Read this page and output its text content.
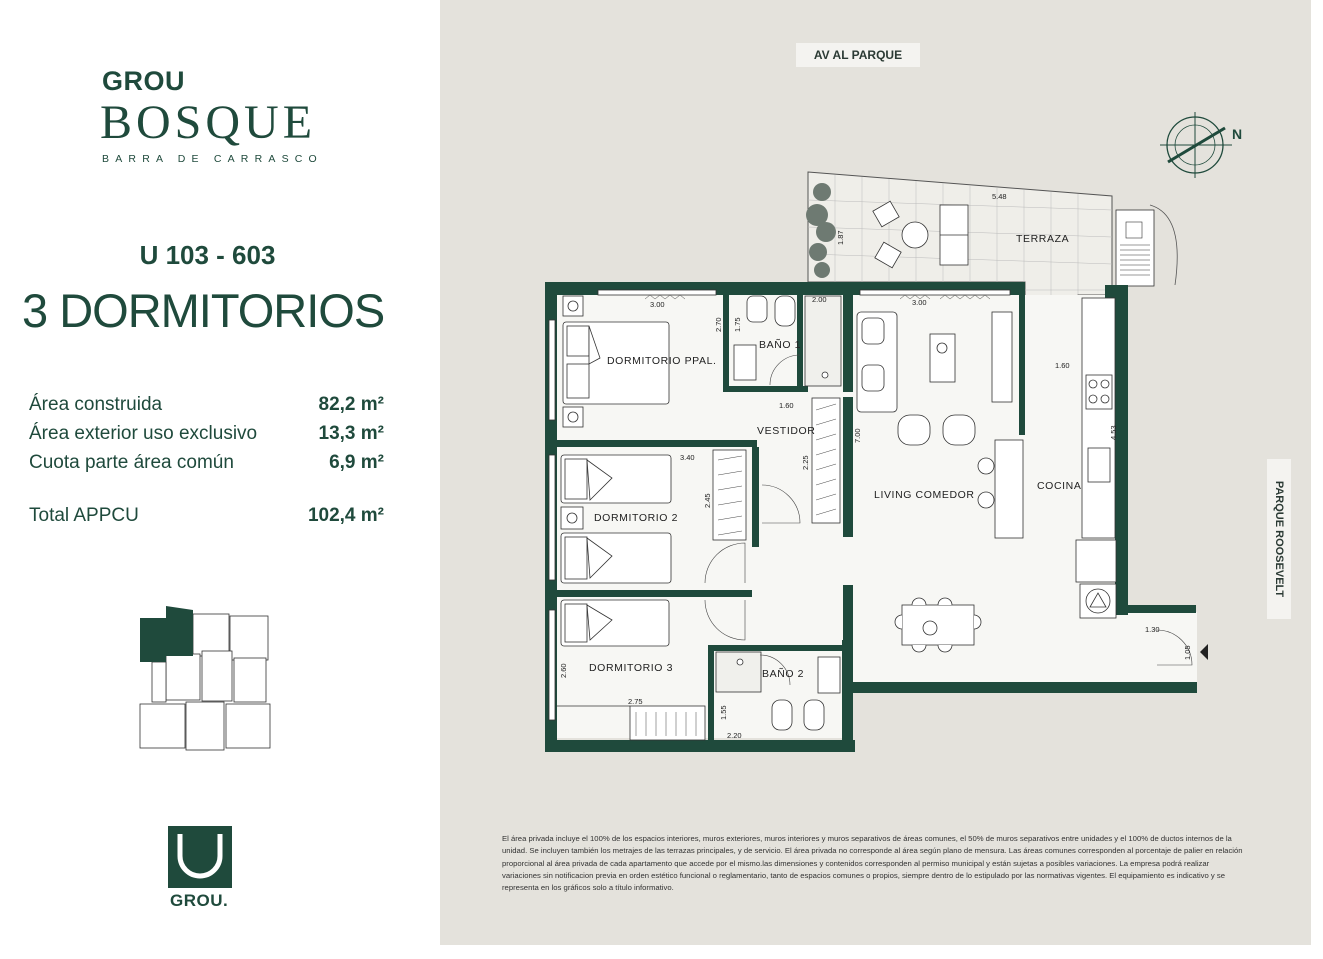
GROU
BOSQUE
BARRA DE CARRASCO
U 103 - 603
3 DORMITORIOS
Área construida	82,2 m²
Área exterior uso exclusivo	13,3 m²
Cuota parte área común	6,9 m²
Total APPCU	102,4 m²
GROU.
AV AL PARQUE
PARQUE ROOSEVELT
N
TERRAZA
5.48
1.87
DORMITORIO PPAL.
3.00
2.70
BAÑO 1
2.00
1.75
VESTIDOR
1.60
2.25
LIVING COMEDOR
3.00
7.00
COCINA
1.60
4.53
1.30
1.05
DORMITORIO 2
3.40
2.45
DORMITORIO 3
2.75
2.60	BAÑO 2
1.55
2.20
El área privada incluye el 100% de los espacios interiores, muros exteriores, muros interiores y muros separativos de áreas comunes, el 50% de muros separativos entre unidades y el 100% de ductos internos de la unidad. Se incluyen también los metrajes de las terrazas principales, y de servicio. El área privada no corresponde al área según plano de mensura. Las áreas comunes corresponden al porcentaje de palier en relación proporcional al área privada de cada apartamento que accede por el mismo.las dimensiones y contenidos corresponden al permiso municipal y están sujetas a posibles variaciones. La empresa podrá realizar variaciones sin notificacion previa en orden estético funcional o reglamentario, tanto de espacios comunes o propios, siempre dentro de lo estipulado por las normativas vigentes. El equipamiento es indicativo y se representa en los gráficos solo a título informativo.
